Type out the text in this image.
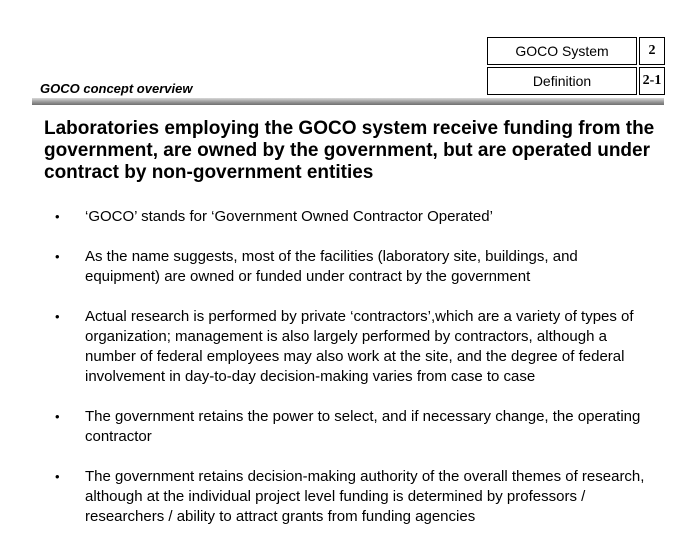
GOCO System	2
Definition	2-1
GOCO concept overview
Laboratories employing the GOCO system receive funding from the government, are owned by the government, but are operated under contract by non-government entities
•	‘GOCO’ stands for ‘Government Owned Contractor Operated’
•	As the name suggests, most of the facilities (laboratory site, buildings, and equipment) are owned or funded under contract by the government
•	Actual research is performed by private ‘contractors’,which are a variety of types of organization; management is also largely performed by contractors, although a number of federal employees may also work at the site, and the degree of federal involvement in day-to-day decision-making varies from case to case
•	The government retains the power to select, and if necessary change, the operating contractor
•	The government retains decision-making authority of the overall themes of research, although at the individual project level funding is determined by professors / researchers / ability to attract grants from funding agencies
